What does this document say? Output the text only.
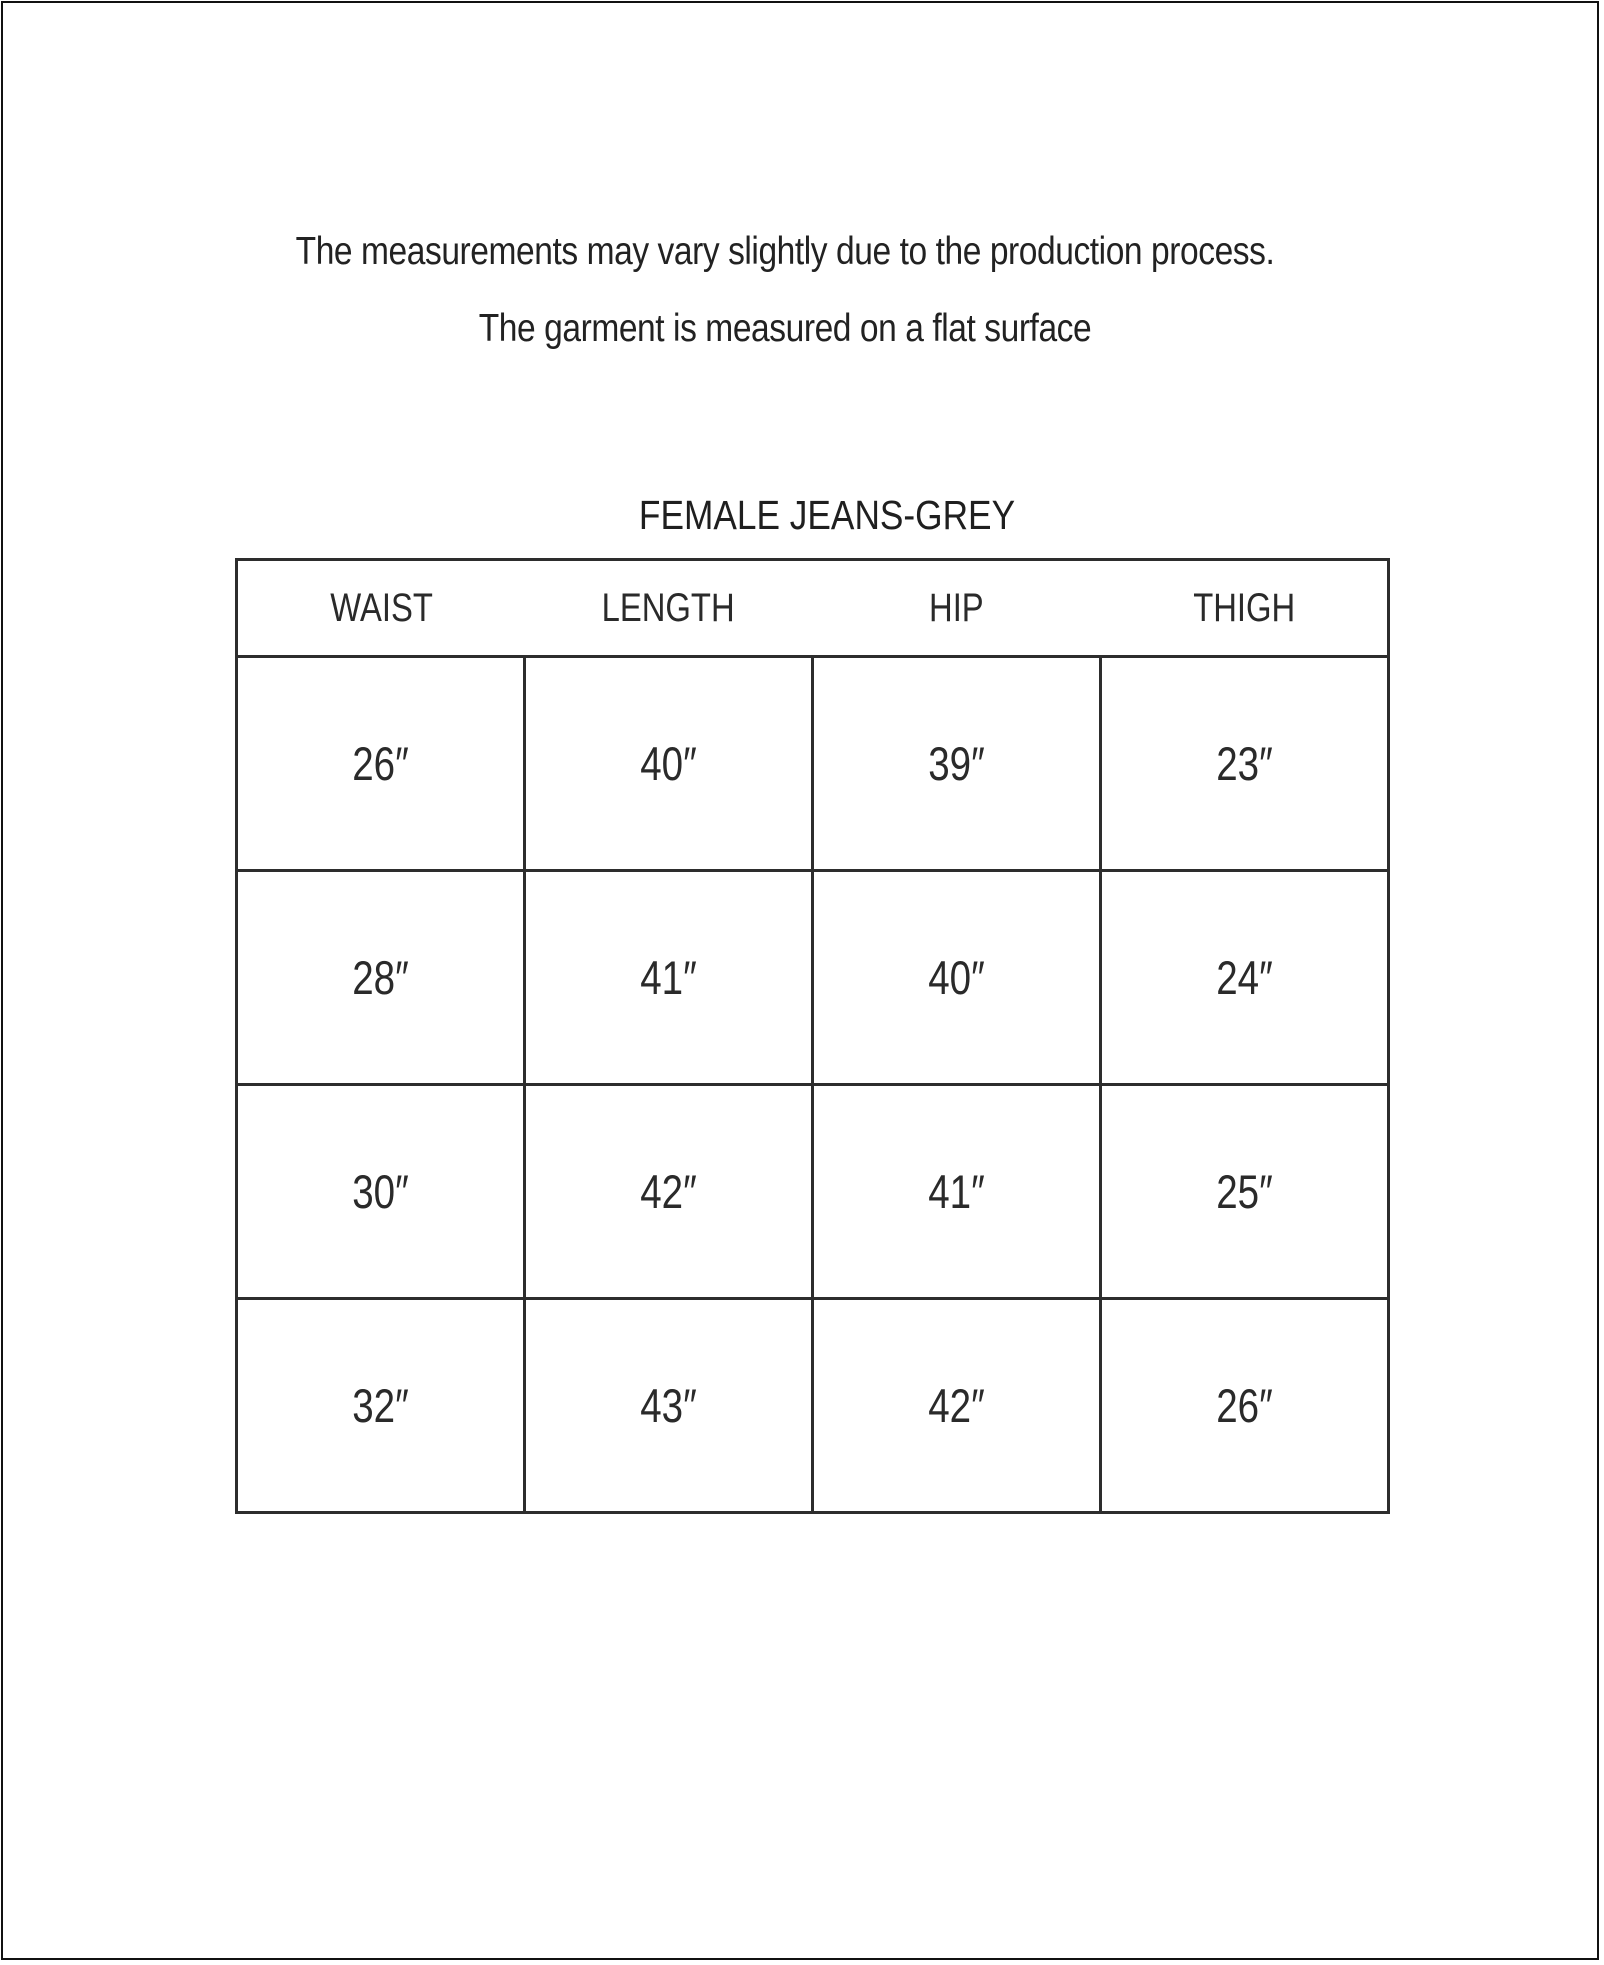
The measurements may vary slightly due to the production process.
The garment is measured on a flat surface
FEMALE JEANS-GREY
WAIST	LENGTH	HIP	THIGH
26″	40″	39″	23″
28″	41″	40″	24″
30″	42″	41″	25″
32″	43″	42″	26″
